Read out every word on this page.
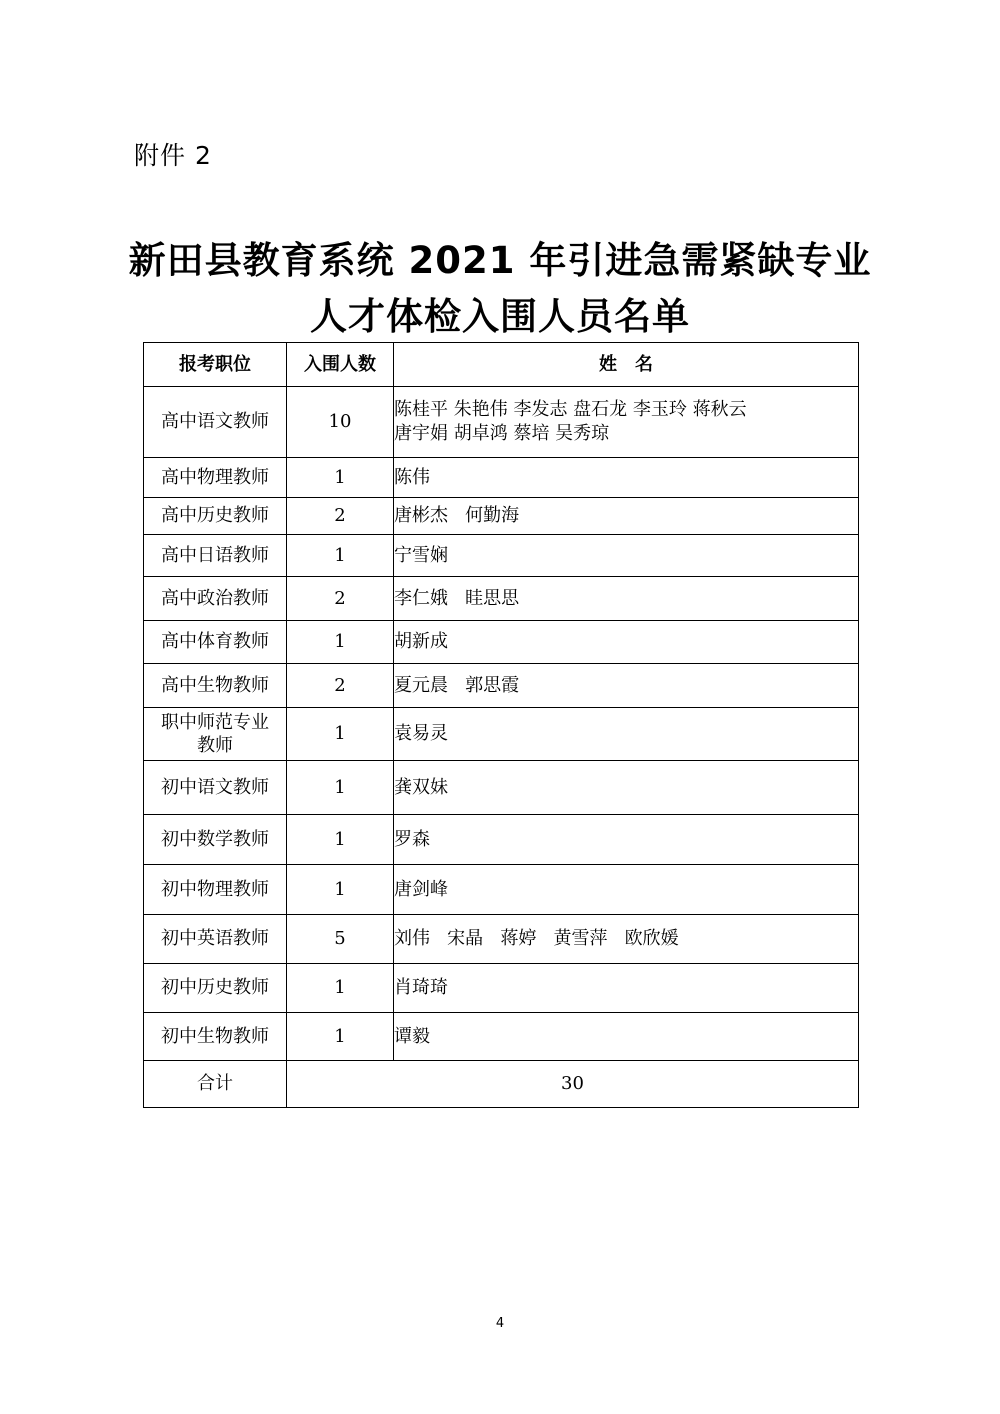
附件 2
新田县教育系统 2021 年引进急需紧缺专业
人才体检入围人员名单
报考职位	入围人数	姓　名
高中语文教师	10	陈桂平 朱艳伟 李发志 盘石龙 李玉玲 蒋秋云
唐宇娟 胡卓鸿 蔡培 吴秀琼
高中物理教师	1	陈伟
高中历史教师	2	唐彬杰   何勤海
高中日语教师	1	宁雪娴
高中政治教师	2	李仁娥   眭思思
高中体育教师	1	胡新成
高中生物教师	2	夏元晨   郭思霞
职中师范专业
教师	1	袁易灵
初中语文教师	1	龚双妹
初中数学教师	1	罗森
初中物理教师	1	唐剑峰
初中英语教师	5	刘伟   宋晶   蒋婷   黄雪萍   欧欣媛
初中历史教师	1	肖琦琦
初中生物教师	1	谭毅
合计	30	
4
